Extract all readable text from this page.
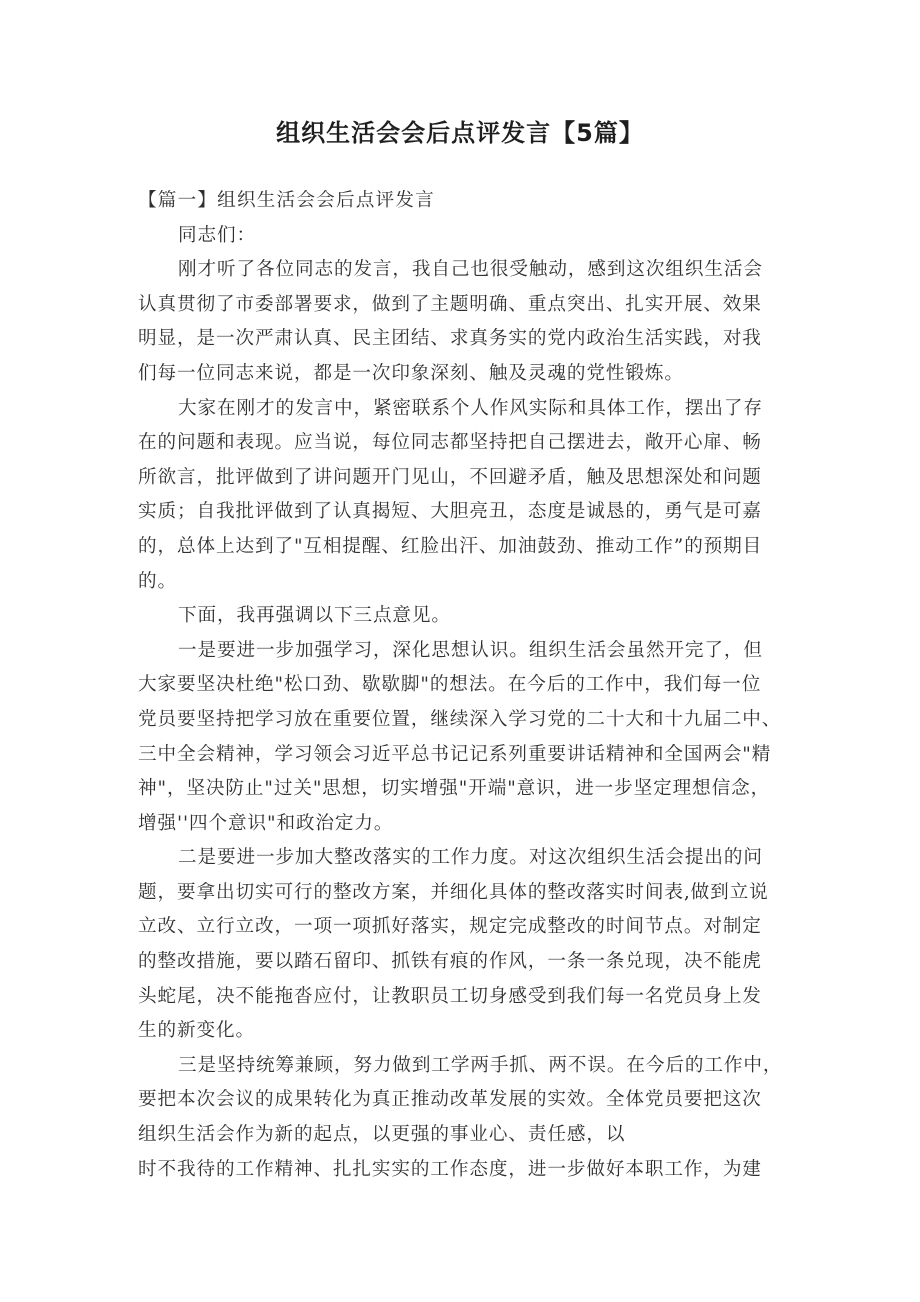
组织生活会会后点评发言【5篇】
【篇一】组织生活会会后点评发言
同志们：
刚才听了各位同志的发言，我自己也很受触动，感到这次组织生活会
认真贯彻了市委部署要求，做到了主题明确、重点突出、扎实开展、效果
明显，是一次严肃认真、民主团结、求真务实的党内政治生活实践，对我
们每一位同志来说，都是一次印象深刻、触及灵魂的党性锻炼。
大家在刚才的发言中，紧密联系个人作风实际和具体工作，摆出了存
在的问题和表现。应当说，每位同志都坚持把自己摆进去，敞开心扉、畅
所欲言，批评做到了讲问题开门见山，不回避矛盾，触及思想深处和问题
实质；自我批评做到了认真揭短、大胆亮丑，态度是诚恳的，勇气是可嘉
的，总体上达到了"互相提醒、红脸出汗、加油鼓劲、推动工作”的预期目
的。
下面，我再强调以下三点意见。
一是要进一步加强学习，深化思想认识。组织生活会虽然开完了，但
大家要坚决杜绝"松口劲、歇歇脚"的想法。在今后的工作中，我们每一位
党员要坚持把学习放在重要位置，继续深入学习党的二十大和十九届二中、
三中全会精神，学习领会习近平总书记记系列重要讲话精神和全国两会"精
神"，坚决防止"过关"思想，切实增强"开端"意识，进一步坚定理想信念，
增强''四个意识"和政治定力。
二是要进一步加大整改落实的工作力度。对这次组织生活会提出的问
题，要拿出切实可行的整改方案，并细化具体的整改落实时间表,做到立说
立改、立行立改，一项一项抓好落实，规定完成整改的时间节点。对制定
的整改措施，要以踏石留印、抓铁有痕的作风，一条一条兑现，决不能虎
头蛇尾，决不能拖沓应付，让教职员工切身感受到我们每一名党员身上发
生的新变化。
三是坚持统筹兼顾，努力做到工学两手抓、两不误。在今后的工作中，
要把本次会议的成果转化为真正推动改革发展的实效。全体党员要把这次
组织生活会作为新的起点，以更强的事业心、责任感，以
时不我待的工作精神、扎扎实实的工作态度，进一步做好本职工作，为建
